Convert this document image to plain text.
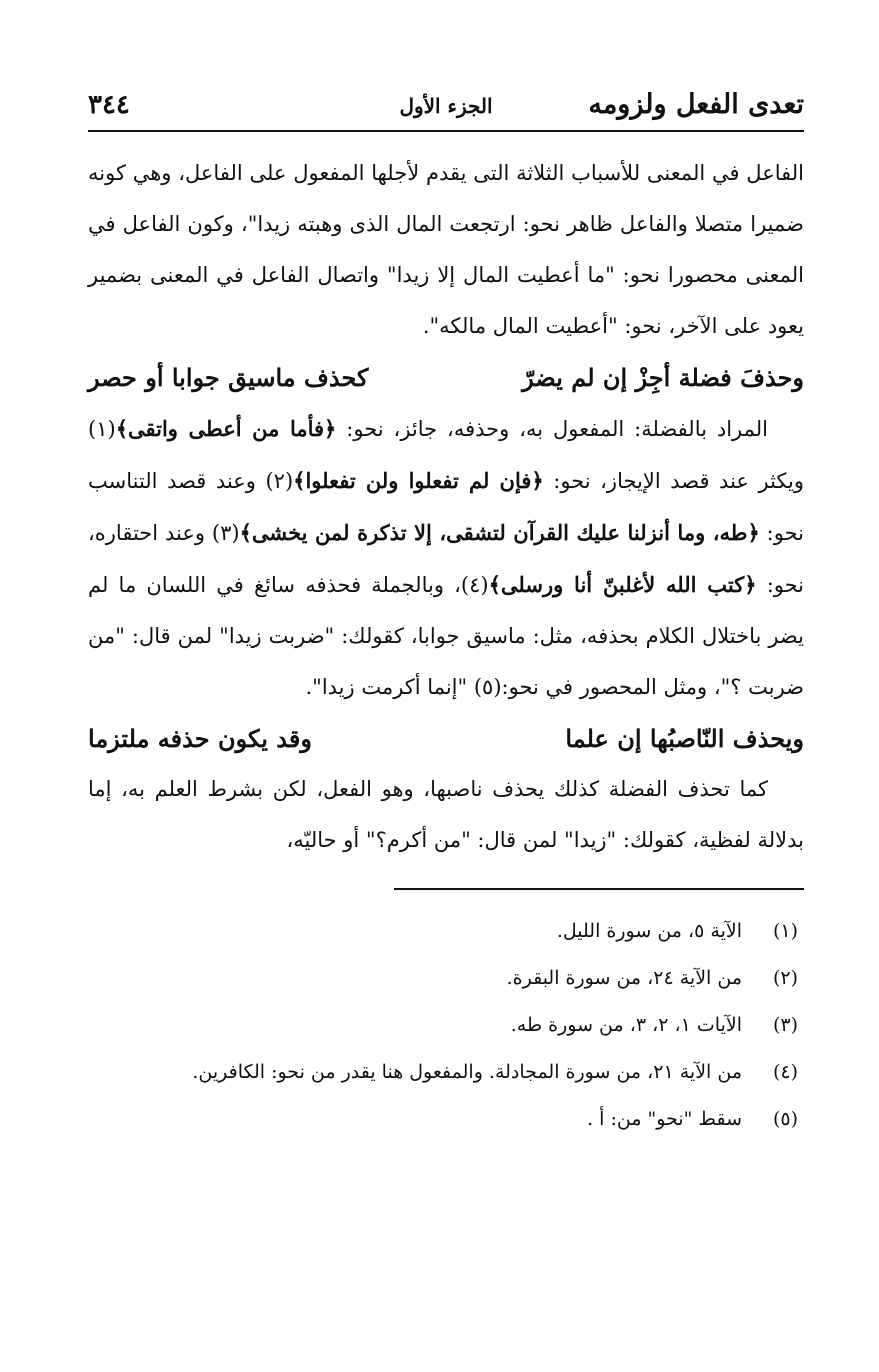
تعدى الفعل ولزومه
الجزء الأول
٣٤٤

الفاعل في المعنى للأسباب الثلاثة التى يقدم لأجلها المفعول على الفاعل، وهي كونه ضميرا متصلا والفاعل ظاهر نحو: ارتجعت المال الذى وهبته زيدا"، وكون الفاعل في المعنى محصورا نحو: "ما أعطيت المال إلا زيدا" واتصال الفاعل في المعنى بضمير يعود على الآخر، نحو: "أعطيت المال مالكه".

وحذفَ فضلة أجِزْ إن لم يضرّ
كحذف ماسيق جوابا أو حصر

المراد بالفضلة: المفعول به، وحذفه، جائز، نحو: ﴿فأما من أعطى واتقى﴾(١) ويكثر عند قصد الإيجاز، نحو: ﴿فإن لم تفعلوا ولن تفعلوا﴾(٢) وعند قصد التناسب نحو: ﴿طه، وما أنزلنا عليك القرآن لتشقى، إلا تذكرة لمن يخشى﴾(٣) وعند احتقاره، نحو: ﴿كتب الله لأغلبنّ أنا ورسلى﴾(٤)، وبالجملة فحذفه سائغ في اللسان ما لم يضر باختلال الكلام بحذفه، مثل: ماسيق جوابا، كقولك: "ضربت زيدا" لمن قال: "من ضربت ؟"، ومثل المحصور في نحو:(٥) "إنما أكرمت زيدا".

ويحذف النّاصبُها إن علما
وقد يكون حذفه ملتزما

كما تحذف الفضلة كذلك يحذف ناصبها، وهو الفعل، لكن بشرط العلم به، إما بدلالة لفظية، كقولك: "زيدا" لمن قال: "من أكرم؟" أو حاليّه،

(١)
الآية ٥، من سورة الليل.
(٢)
من الآية ٢٤، من سورة البقرة.
(٣)
الآيات ١، ٢، ٣، من سورة طه.
(٤)
من الآية ٢١، من سورة المجادلة. والمفعول هنا يقدر من نحو: الكافرين.
(٥)
سقط "نحو" من: أ .
